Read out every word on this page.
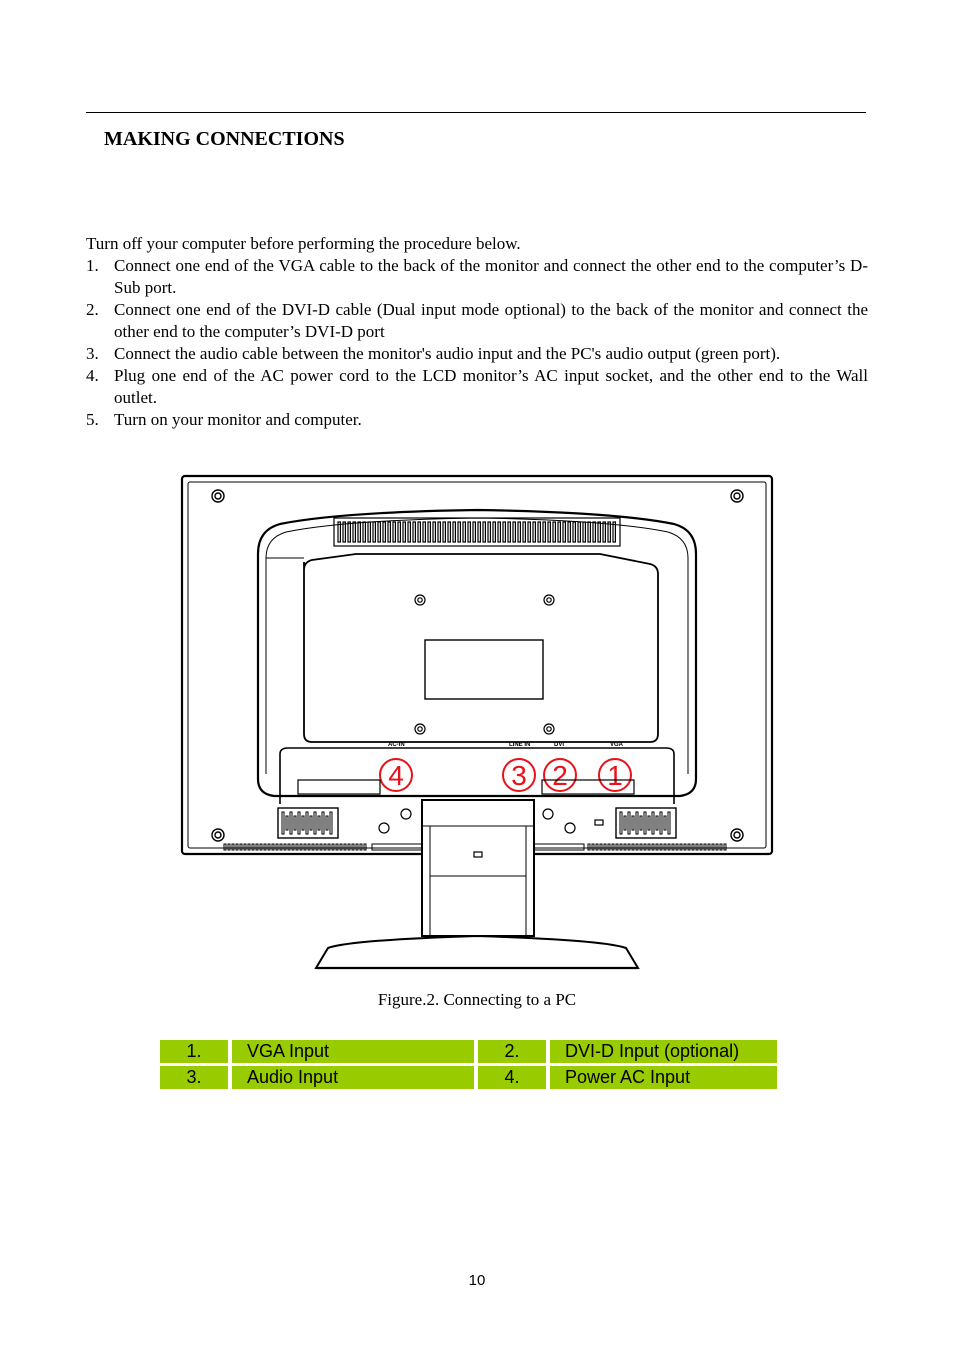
MAKING CONNECTIONS
Turn off your computer before performing the procedure below.
1. Connect one end of the VGA cable to the back of the monitor and connect the other end to the computer’s D-Sub port.
2. Connect one end of the DVI-D cable (Dual input mode optional) to the back of the monitor and connect the other end to the computer’s DVI-D port
3. Connect the audio cable between the monitor's audio input and the PC's audio output (green port).
4. Plug one end of the AC power cord to the LCD monitor’s AC input socket, and the other end to the Wall outlet.
5. Turn on your monitor and computer.
AC-IN	LINE IN	DVI	VGA
4	3 2 1
Figure.2. Connecting to a PC
1.	VGA Input	2.	DVI-D Input (optional)
3.	Audio Input	4.	Power AC Input
10
